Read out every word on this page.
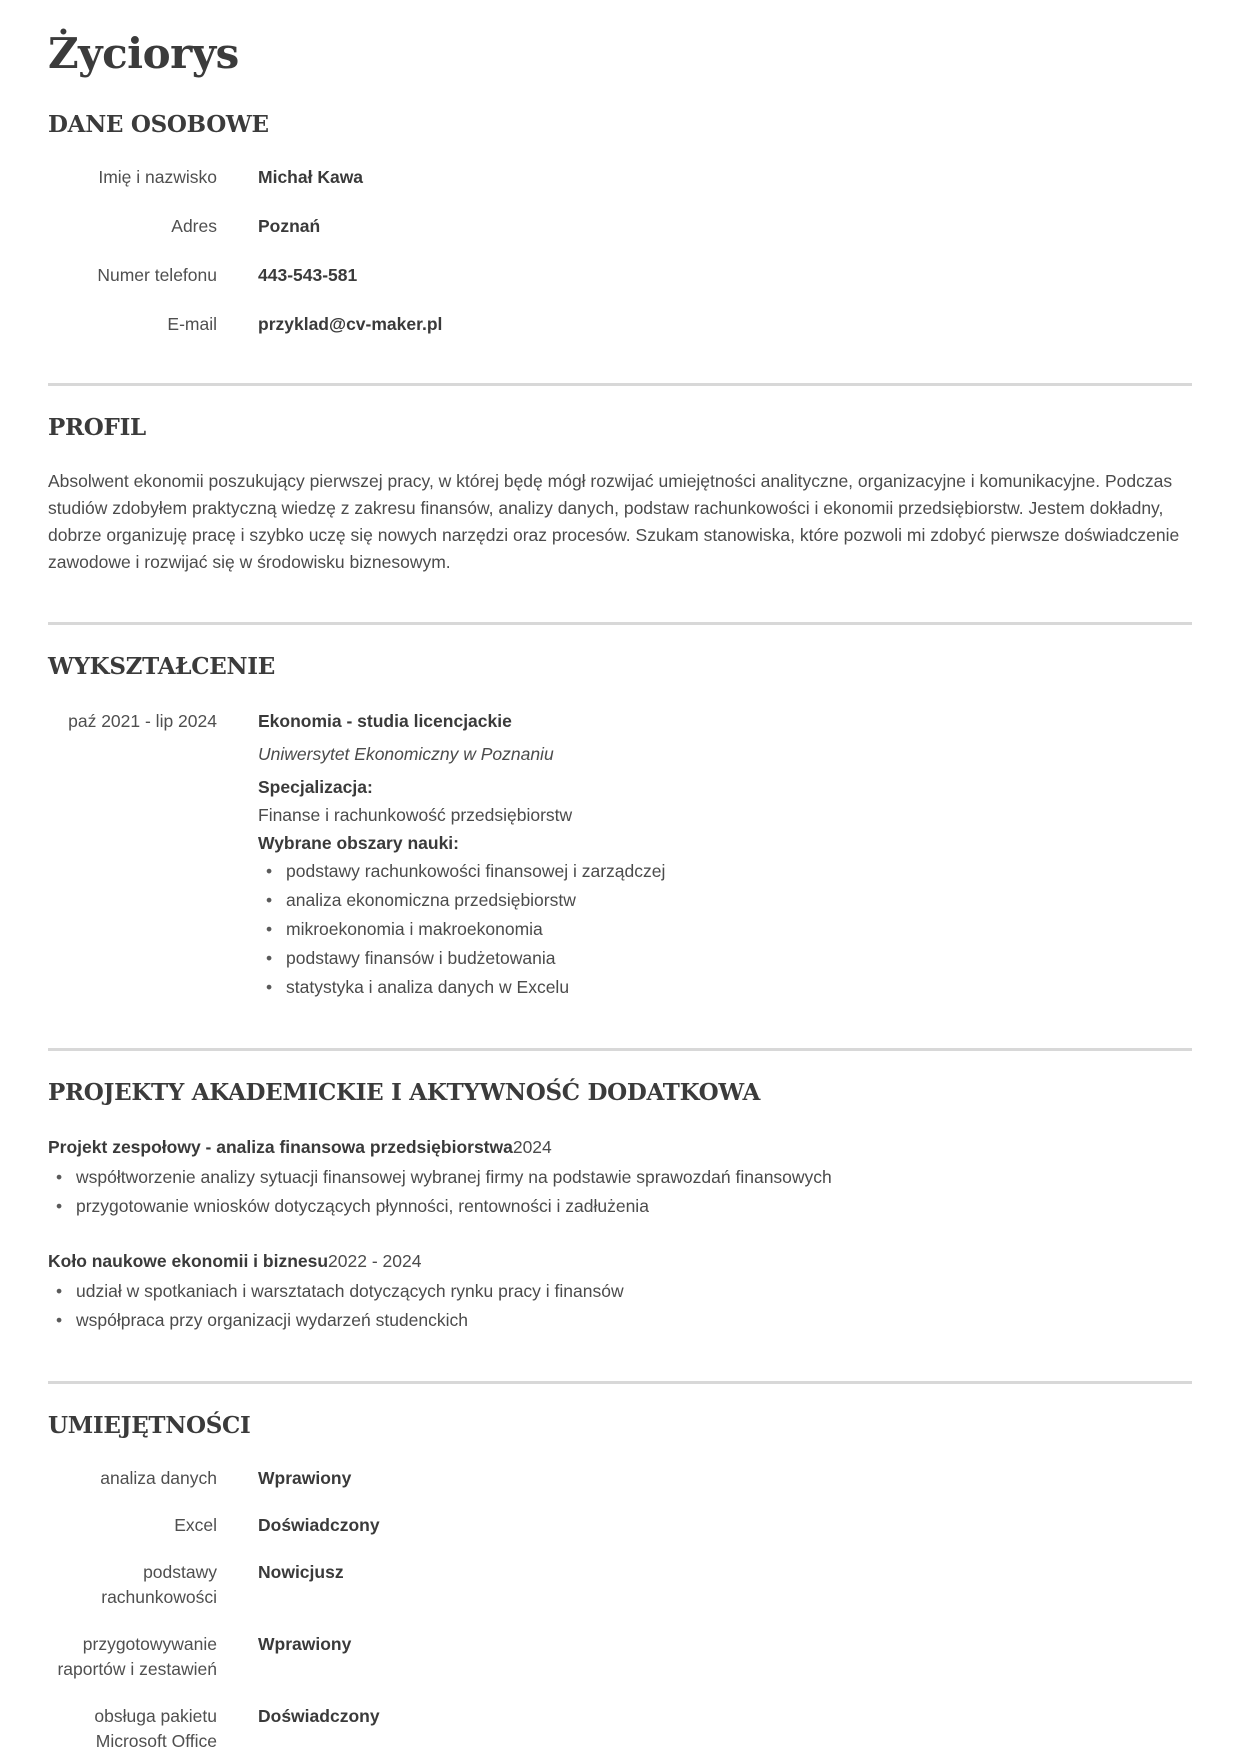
Życiorys
DANE OSOBOWE
Imię i nazwisko Michał Kawa
Adres Poznań
Numer telefonu 443-543-581
E-mail przyklad@cv-maker.pl
PROFIL

Absolwent ekonomii poszukujący pierwszej pracy, w której będę mógł rozwijać umiejętności analityczne, organizacyjne i komunikacyjne. Podczas studiów zdobyłem praktyczną wiedzę z zakresu finansów, analizy danych, podstaw rachunkowości i ekonomii przedsiębiorstw. Jestem dokładny, dobrze organizuję pracę i szybko uczę się nowych narzędzi oraz procesów. Szukam stanowiska, które pozwoli mi zdobyć pierwsze doświadczenie zawodowe i rozwijać się w środowisku biznesowym.

WYKSZTAŁCENIE
paź 2021 - lip 2024 Ekonomia - studia licencjackie
Uniwersytet Ekonomiczny w Poznaniu
Specjalizacja:
Finanse i rachunkowość przedsiębiorstw
Wybrane obszary nauki:
• podstawy rachunkowości finansowej i zarządczej
• analiza ekonomiczna przedsiębiorstw
• mikroekonomia i makroekonomia
• podstawy finansów i budżetowania
• statystyka i analiza danych w Excelu
PROJEKTY AKADEMICKIE I AKTYWNOŚĆ DODATKOWA
Projekt zespołowy - analiza finansowa przedsiębiorstwa2024
• współtworzenie analizy sytuacji finansowej wybranej firmy na podstawie sprawozdań finansowych
• przygotowanie wniosków dotyczących płynności, rentowności i zadłużenia
Koło naukowe ekonomii i biznesu2022 - 2024
• udział w spotkaniach i warsztatach dotyczących rynku pracy i finansów
• współpraca przy organizacji wydarzeń studenckich
UMIEJĘTNOŚCI
analiza danych Wprawiony
Excel Doświadczony
podstawy rachunkowości
Nowicjusz
przygotowywanie raportów i zestawień
Wprawiony
obsługa pakietu Microsoft Office
Doświadczony
